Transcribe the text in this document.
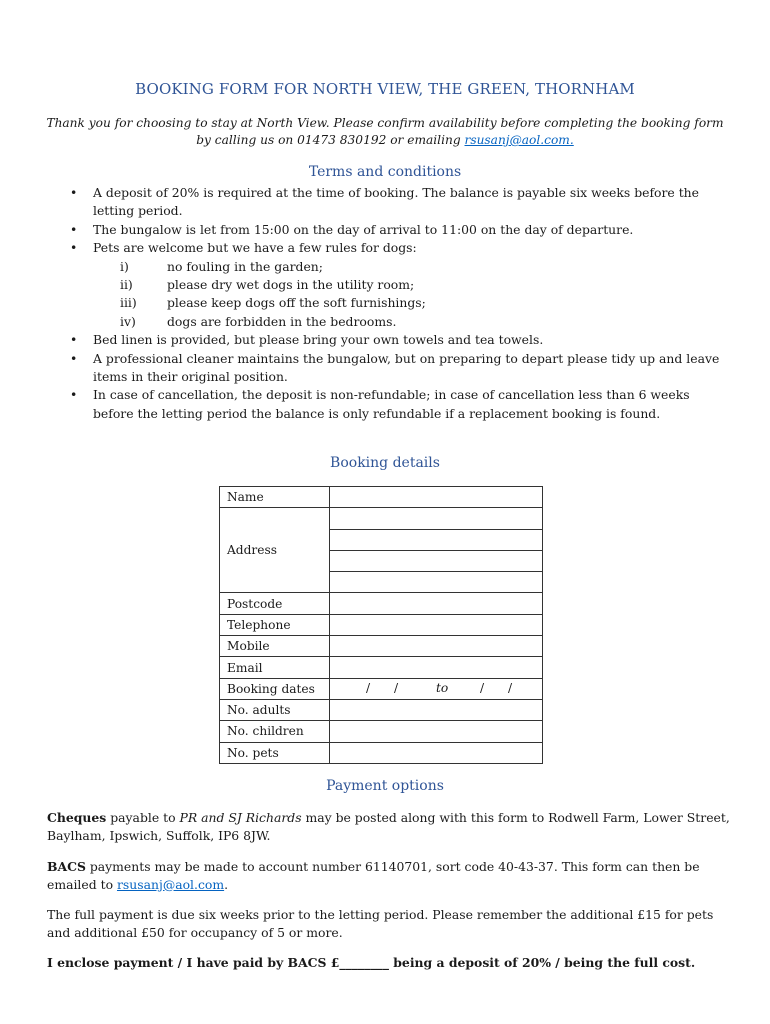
BOOKING FORM FOR NORTH VIEW, THE GREEN, THORNHAM

Thank you for choosing to stay at North View. Please confirm availability before completing the booking form by calling us on 01473 830192 or emailing rsusanj@aol.com.

Terms and conditions
• A deposit of 20% is required at the time of booking. The balance is payable six weeks before the letting period.
• The bungalow is let from 15:00 on the day of arrival to 11:00 on the day of departure.
• Pets are welcome but we have a few rules for dogs:
i)	no fouling in the garden;
ii)	please dry wet dogs in the utility room;
iii) please keep dogs off the soft furnishings;
iv)	dogs are forbidden in the bedrooms.
• Bed linen is provided, but please bring your own towels and tea towels.
• A professional cleaner maintains the bungalow, but on preparing to depart please tidy up and leave items in their original position.
• In case of cancellation, the deposit is non-refundable; in case of cancellation less than 6 weeks before the letting period the balance is only refundable if a replacement booking is found.
Booking details
Name	
Address	

Postcode	
Telephone	
Mobile	
Email	
Booking dates	/ / to / /

No. adults	
No. children	
No. pets	
Payment options

Cheques payable to PR and SJ Richards may be posted along with this form to Rodwell Farm, Lower Street, Baylham, Ipswich, Suffolk, IP6 8JW.

BACS payments may be made to account number 61140701, sort code 40-43-37. This form can then be emailed to rsusanj@aol.com.

The full payment is due six weeks prior to the letting period. Please remember the additional £15 for pets and additional £50 for occupancy of 5 or more.

I enclose payment / I have paid by BACS £________ being a deposit of 20% / being the full cost.
